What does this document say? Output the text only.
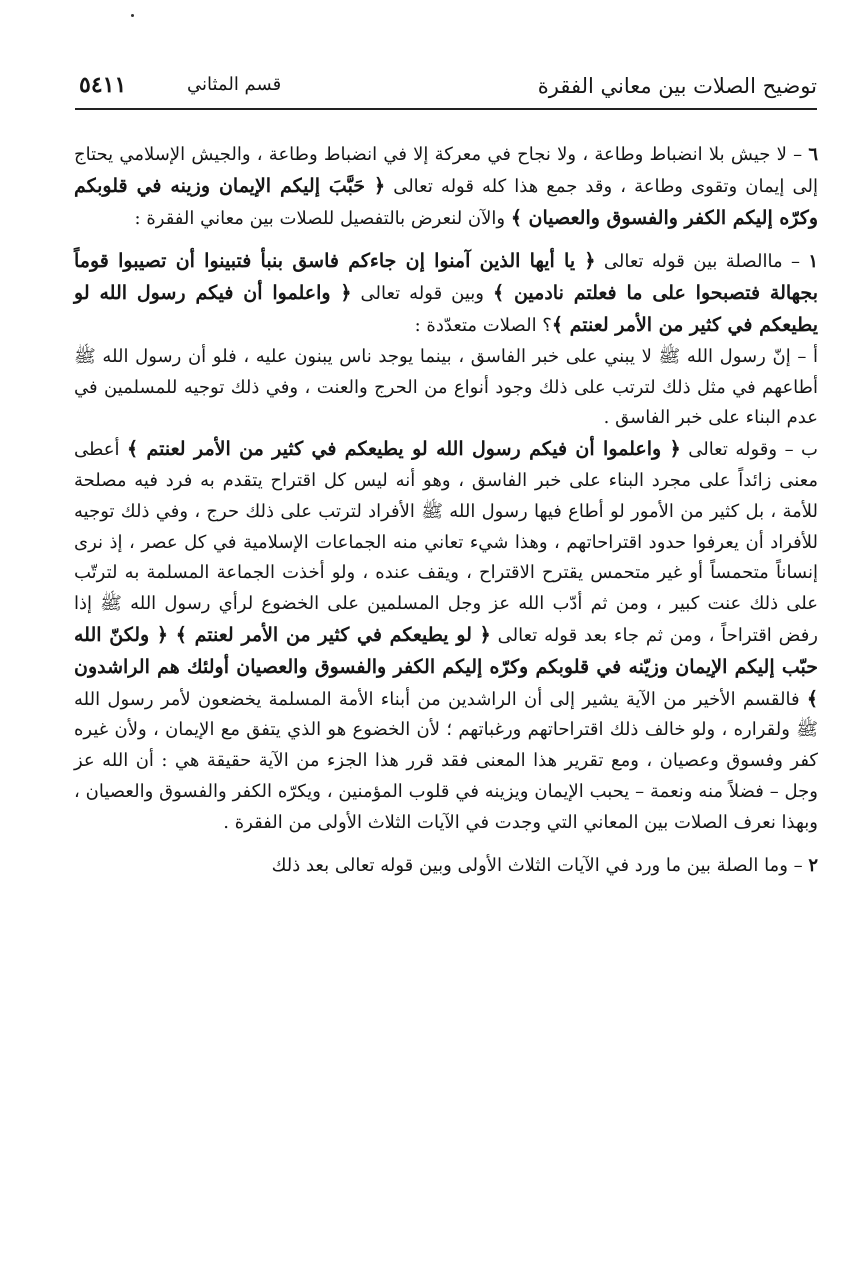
توضيح الصلات بين معاني الفقرة
قسم المثاني
٥٤١١

٦ – لا جيش بلا انضباط وطاعة ، ولا نجاح في معركة إلا في انضباط وطاعة ، والجيش الإسلامي يحتاج إلى إيمان وتقوى وطاعة ، وقد جمع هذا كله قوله تعالى ﴿ حَبَّبَ إليكم الإيمان وزينه في قلوبكم وكرّه إليكم الكفر والفسوق والعصيان ﴾ والآن لنعرض بالتفصيل للصلات بين معاني الفقرة :

١ – ماالصلة بين قوله تعالى ﴿ يا أيها الذين آمنوا إن جاءكم فاسق بنبأ فتبينوا أن تصيبوا قوماً بجهالة فتصبحوا على ما فعلتم نادمين ﴾ وبين قوله تعالى ﴿ واعلموا أن فيكم رسول الله لو يطيعكم في كثير من الأمر لعنتم ﴾؟ الصلات متعدّدة :

أ – إنّ رسول الله ﷺ لا يبني على خبر الفاسق ، بينما يوجد ناس يبنون عليه ، فلو أن رسول الله ﷺ أطاعهم في مثل ذلك لترتب على ذلك وجود أنواع من الحرج والعنت ، وفي ذلك توجيه للمسلمين في عدم البناء على خبر الفاسق .

ب – وقوله تعالى ﴿ واعلموا أن فيكم رسول الله لو يطيعكم في كثير من الأمر لعنتم ﴾ أعطى معنى زائداً على مجرد البناء على خبر الفاسق ، وهو أنه ليس كل اقتراح يتقدم به فرد فيه مصلحة للأمة ، بل كثير من الأمور لو أطاع فيها رسول الله ﷺ الأفراد لترتب على ذلك حرج ، وفي ذلك توجيه للأفراد أن يعرفوا حدود اقتراحاتهم ، وهذا شيء تعاني منه الجماعات الإسلامية في كل عصر ، إذ نرى إنساناً متحمساً أو غير متحمس يقترح الاقتراح ، ويقف عنده ، ولو أخذت الجماعة المسلمة به لترتّب على ذلك عنت كبير ، ومن ثم أدّب الله عز وجل المسلمين على الخضوع لرأي رسول الله ﷺ إذا رفض اقتراحاً ، ومن ثم جاء بعد قوله تعالى ﴿ لو يطيعكم في كثير من الأمر لعنتم ﴾ ﴿ ولكنّ الله حبّب إليكم الإيمان وزيّنه في قلوبكم وكرّه إليكم الكفر والفسوق والعصيان أولئك هم الراشدون ﴾ فالقسم الأخير من الآية يشير إلى أن الراشدين من أبناء الأمة المسلمة يخضعون لأمر رسول الله ﷺ ولقراره ، ولو خالف ذلك اقتراحاتهم ورغباتهم ؛ لأن الخضوع هو الذي يتفق مع الإيمان ، ولأن غيره كفر وفسوق وعصيان ، ومع تقرير هذا المعنى فقد قرر هذا الجزء من الآية حقيقة هي : أن الله عز وجل – فضلاً منه ونعمة – يحبب الإيمان ويزينه في قلوب المؤمنين ، ويكرّه الكفر والفسوق والعصيان ، وبهذا نعرف الصلات بين المعاني التي وجدت في الآيات الثلاث الأولى من الفقرة .

٢ – وما الصلة بين ما ورد في الآيات الثلاث الأولى وبين قوله تعالى بعد ذلك
